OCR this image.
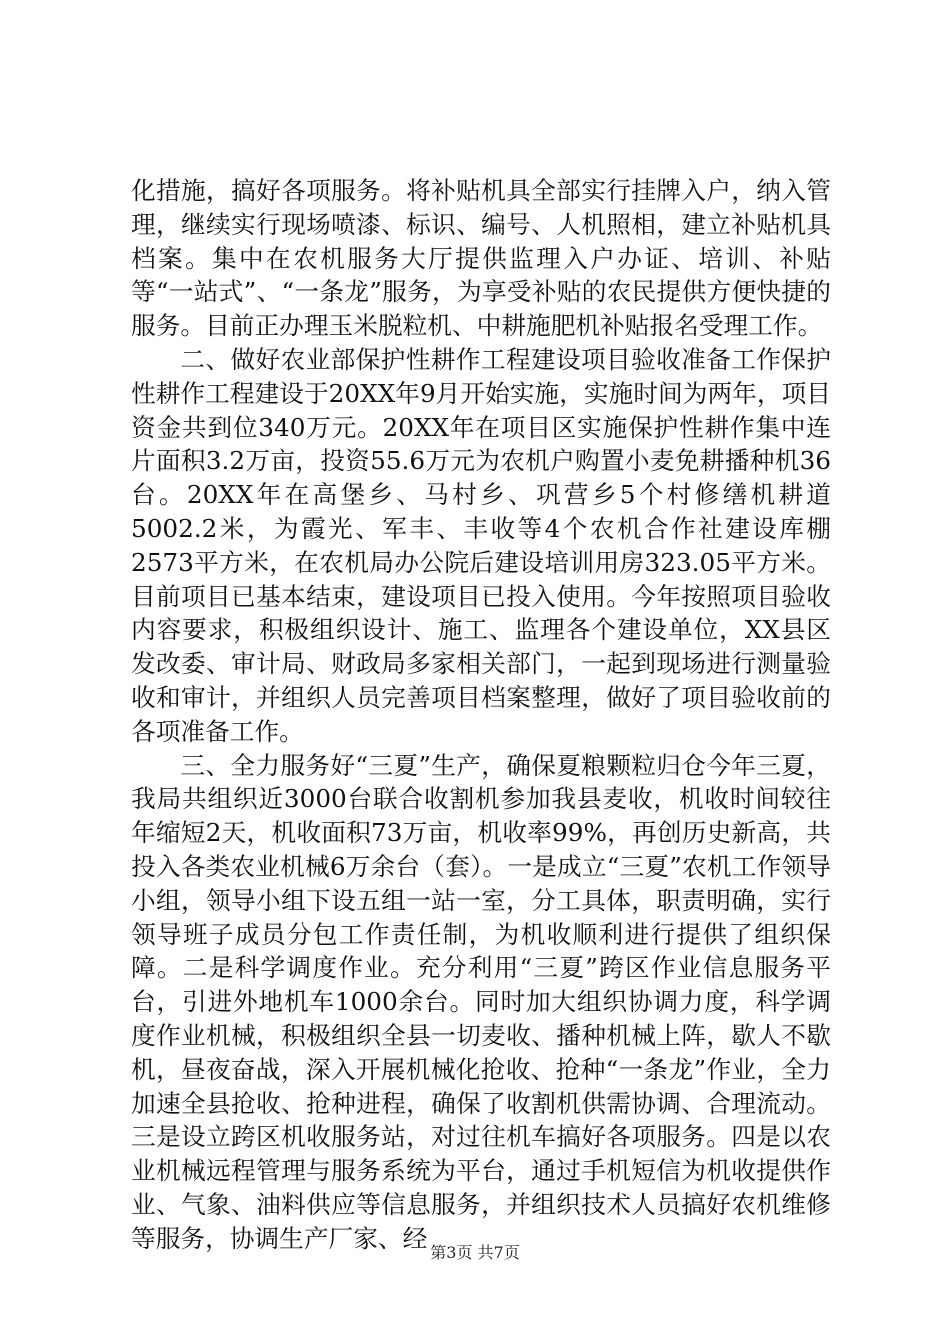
化措施，搞好各项服务。将补贴机具全部实行挂牌入户，纳入管理，继续实行现场喷漆、标识、编号、人机照相，建立补贴机具档案。集中在农机服务大厅提供监理入户办证、培训、补贴等“一站式”、“一条龙”服务，为享受补贴的农民提供方便快捷的服务。目前正办理玉米脱粒机、中耕施肥机补贴报名受理工作。

二、做好农业部保护性耕作工程建设项目验收准备工作保护性耕作工程建设于20XX年9月开始实施，实施时间为两年，项目资金共到位340万元。20XX年在项目区实施保护性耕作集中连片面积3.2万亩，投资55.6万元为农机户购置小麦免耕播种机36台。20XX年在高堡乡、马村乡、巩营乡5个村修缮机耕道5002.2米，为霞光、军丰、丰收等4个农机合作社建设库棚2573平方米，在农机局办公院后建设培训用房323.05平方米。目前项目已基本结束，建设项目已投入使用。今年按照项目验收内容要求，积极组织设计、施工、监理各个建设单位，XX县区发改委、审计局、财政局多家相关部门，一起到现场进行测量验收和审计，并组织人员完善项目档案整理，做好了项目验收前的各项准备工作。

三、全力服务好“三夏”生产，确保夏粮颗粒归仓今年三夏，我局共组织近3000台联合收割机参加我县麦收，机收时间较往年缩短2天，机收面积73万亩，机收率99%，再创历史新高，共投入各类农业机械6万余台（套）。一是成立“三夏”农机工作领导小组，领导小组下设五组一站一室，分工具体，职责明确，实行领导班子成员分包工作责任制，为机收顺利进行提供了组织保障。二是科学调度作业。充分利用“三夏”跨区作业信息服务平台，引进外地机车1000余台。同时加大组织协调力度，科学调度作业机械，积极组织全县一切麦收、播种机械上阵，歇人不歇机，昼夜奋战，深入开展机械化抢收、抢种“一条龙”作业，全力加速全县抢收、抢种进程，确保了收割机供需协调、合理流动。三是设立跨区机收服务站，对过往机车搞好各项服务。四是以农业机械远程管理与服务系统为平台，通过手机短信为机收提供作业、气象、油料供应等信息服务，并组织技术人员搞好农机维修等服务，协调生产厂家、经 第3页 共7页
